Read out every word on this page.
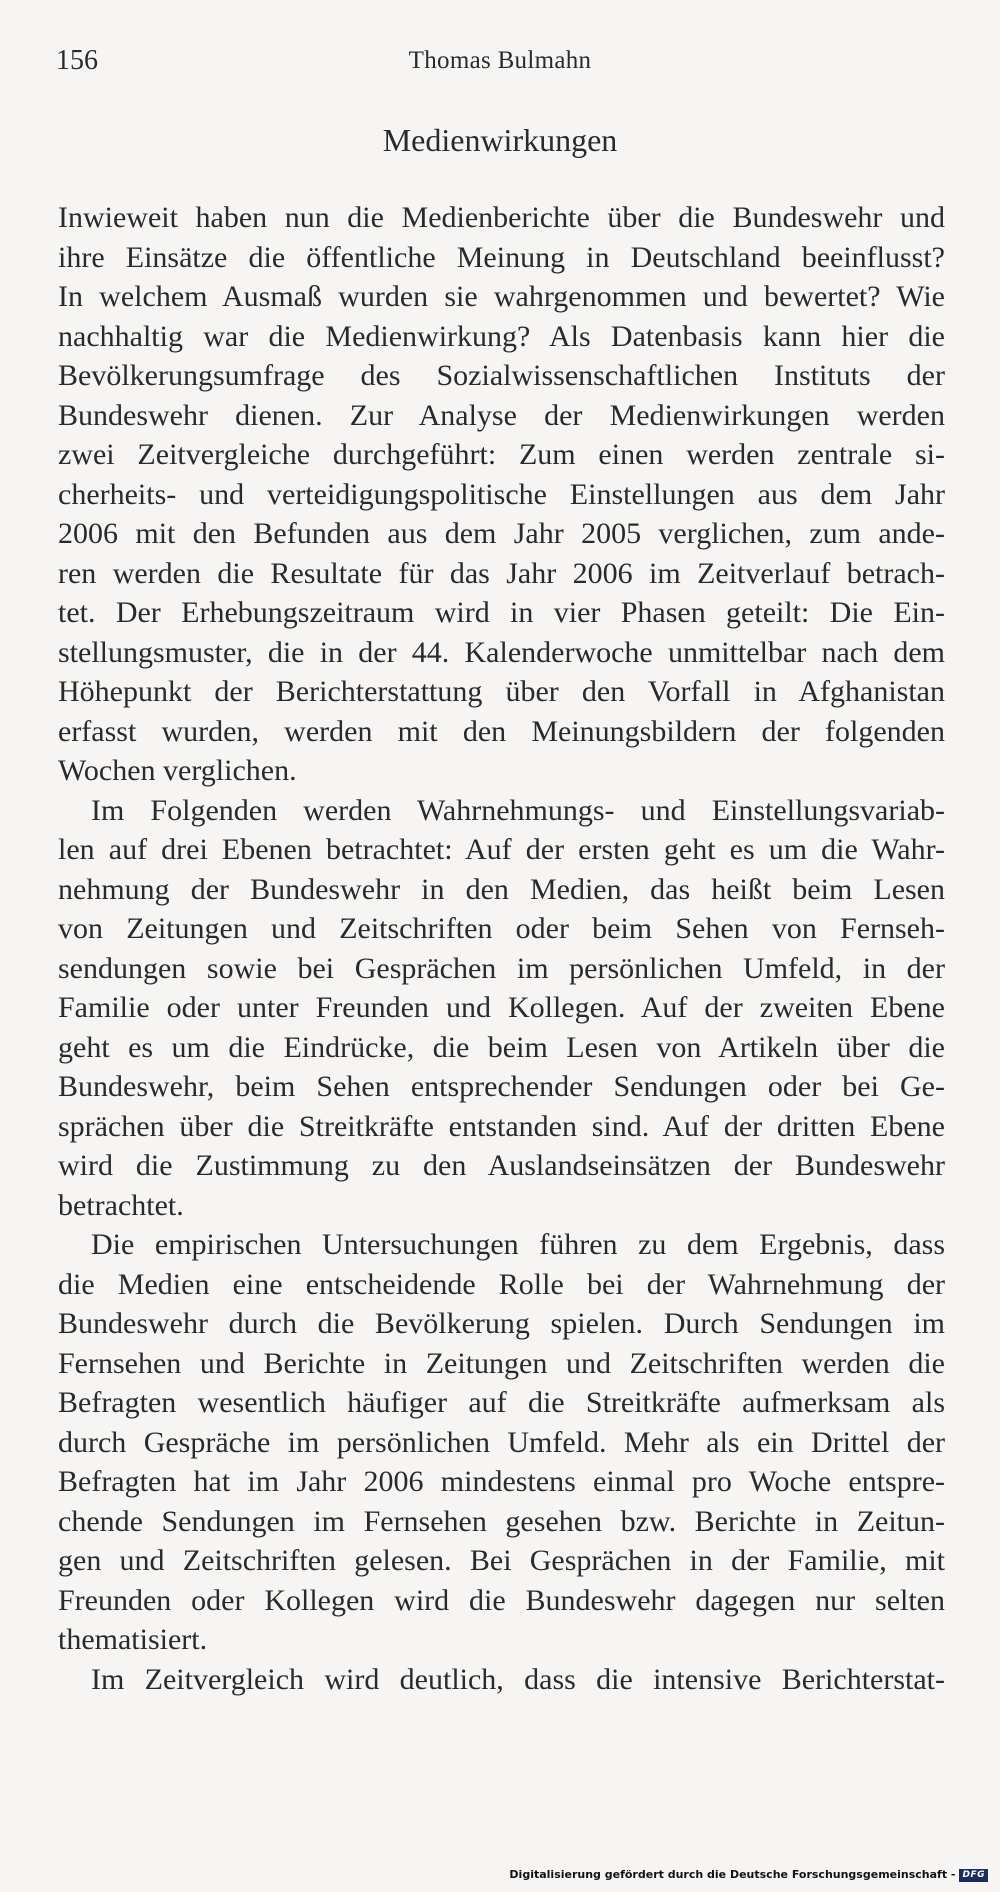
156	Thomas Bulmahn
Medienwirkungen
Inwieweit haben nun die Medienberichte über die Bundeswehr und
ihre Einsätze die öffentliche Meinung in Deutschland beeinflusst?
In welchem Ausmaß wurden sie wahrgenommen und bewertet? Wie
nachhaltig war die Medienwirkung? Als Datenbasis kann hier die
Bevölkerungsumfrage des Sozialwissenschaftlichen Instituts der
Bundeswehr dienen. Zur Analyse der Medienwirkungen werden
zwei Zeitvergleiche durchgeführt: Zum einen werden zentrale si-
cherheits- und verteidigungspolitische Einstellungen aus dem Jahr
2006 mit den Befunden aus dem Jahr 2005 verglichen, zum ande-
ren werden die Resultate für das Jahr 2006 im Zeitverlauf betrach-
tet. Der Erhebungszeitraum wird in vier Phasen geteilt: Die Ein-
stellungsmuster, die in der 44. Kalenderwoche unmittelbar nach dem
Höhepunkt der Berichterstattung über den Vorfall in Afghanistan
erfasst wurden, werden mit den Meinungsbildern der folgenden
Wochen verglichen.
Im Folgenden werden Wahrnehmungs- und Einstellungsvariab-
len auf drei Ebenen betrachtet: Auf der ersten geht es um die Wahr-
nehmung der Bundeswehr in den Medien, das heißt beim Lesen
von Zeitungen und Zeitschriften oder beim Sehen von Fernseh-
sendungen sowie bei Gesprächen im persönlichen Umfeld, in der
Familie oder unter Freunden und Kollegen. Auf der zweiten Ebene
geht es um die Eindrücke, die beim Lesen von Artikeln über die
Bundeswehr, beim Sehen entsprechender Sendungen oder bei Ge-
sprächen über die Streitkräfte entstanden sind. Auf der dritten Ebene
wird die Zustimmung zu den Auslandseinsätzen der Bundeswehr
betrachtet.
Die empirischen Untersuchungen führen zu dem Ergebnis, dass
die Medien eine entscheidende Rolle bei der Wahrnehmung der
Bundeswehr durch die Bevölkerung spielen. Durch Sendungen im
Fernsehen und Berichte in Zeitungen und Zeitschriften werden die
Befragten wesentlich häufiger auf die Streitkräfte aufmerksam als
durch Gespräche im persönlichen Umfeld. Mehr als ein Drittel der
Befragten hat im Jahr 2006 mindestens einmal pro Woche entspre-
chende Sendungen im Fernsehen gesehen bzw. Berichte in Zeitun-
gen und Zeitschriften gelesen. Bei Gesprächen in der Familie, mit
Freunden oder Kollegen wird die Bundeswehr dagegen nur selten
thematisiert.
Im Zeitvergleich wird deutlich, dass die intensive Berichterstat-
Digitalisierung gefördert durch die Deutsche Forschungsgemeinschaft - DFG
